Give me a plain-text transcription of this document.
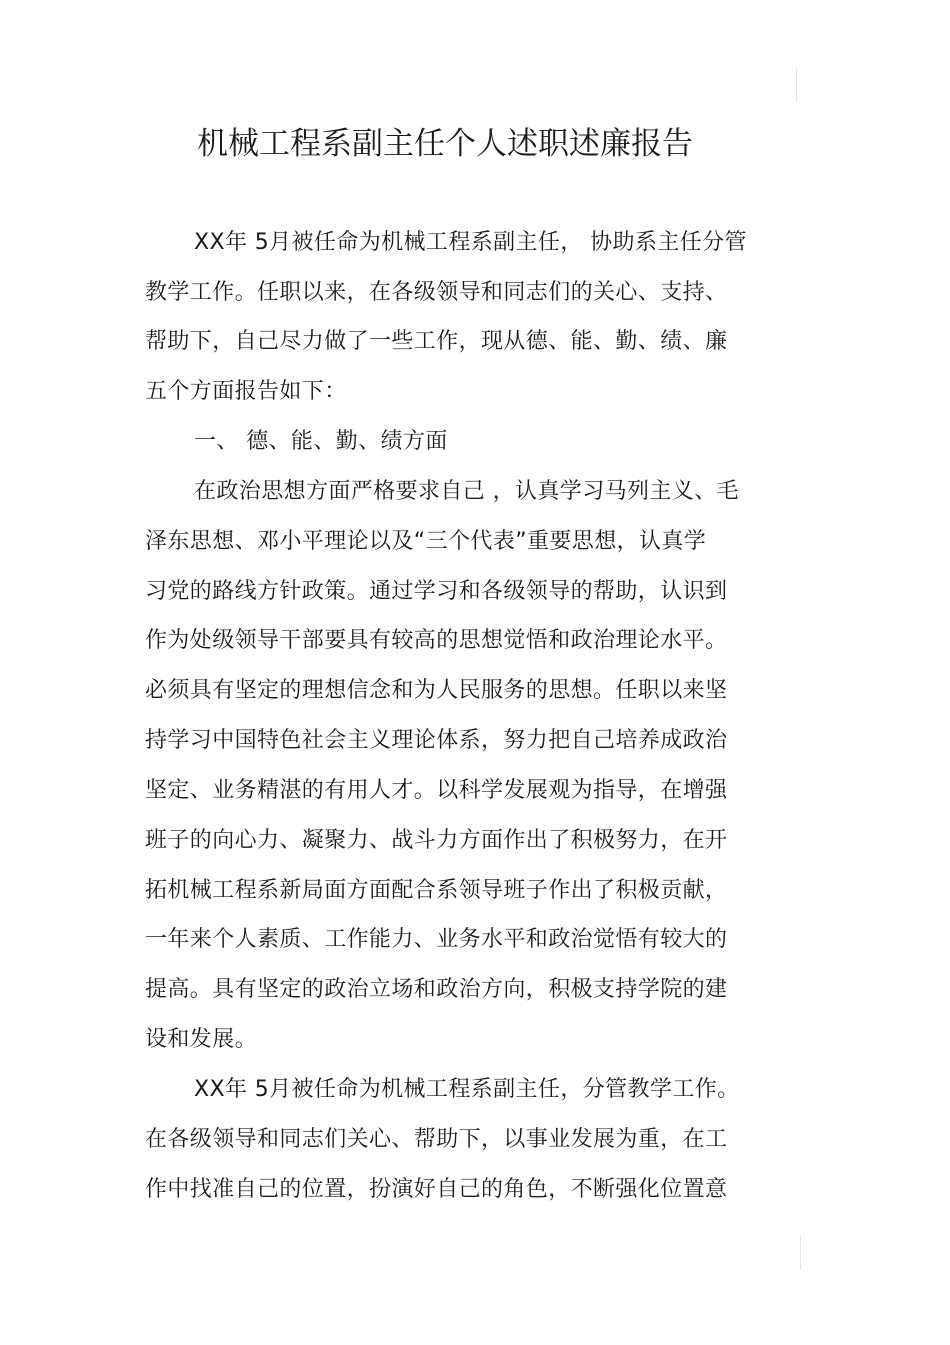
机械工程系副主任个人述职述廉报告
XX年 5月被任命为机械工程系副主任， 协助系主任分管
教学工作。任职以来，在各级领导和同志们的关心、支持、
帮助下，自己尽力做了一些工作，现从德、能、勤、绩、廉
五个方面报告如下：
一、 德、能、勤、绩方面
在政治思想方面严格要求自己 ，认真学习马列主义、毛
泽东思想、邓小平理论以及“三个代表”重要思想，认真学
习党的路线方针政策。通过学习和各级领导的帮助，认识到
作为处级领导干部要具有较高的思想觉悟和政治理论水平。
必须具有坚定的理想信念和为人民服务的思想。任职以来坚
持学习中国特色社会主义理论体系，努力把自己培养成政治
坚定、业务精湛的有用人才。以科学发展观为指导，在增强
班子的向心力、凝聚力、战斗力方面作出了积极努力，在开
拓机械工程系新局面方面配合系领导班子作出了积极贡献，
一年来个人素质、工作能力、业务水平和政治觉悟有较大的
提高。具有坚定的政治立场和政治方向，积极支持学院的建
设和发展。
XX年 5月被任命为机械工程系副主任，分管教学工作。
在各级领导和同志们关心、帮助下，以事业发展为重，在工
作中找准自己的位置，扮演好自己的角色，不断强化位置意
